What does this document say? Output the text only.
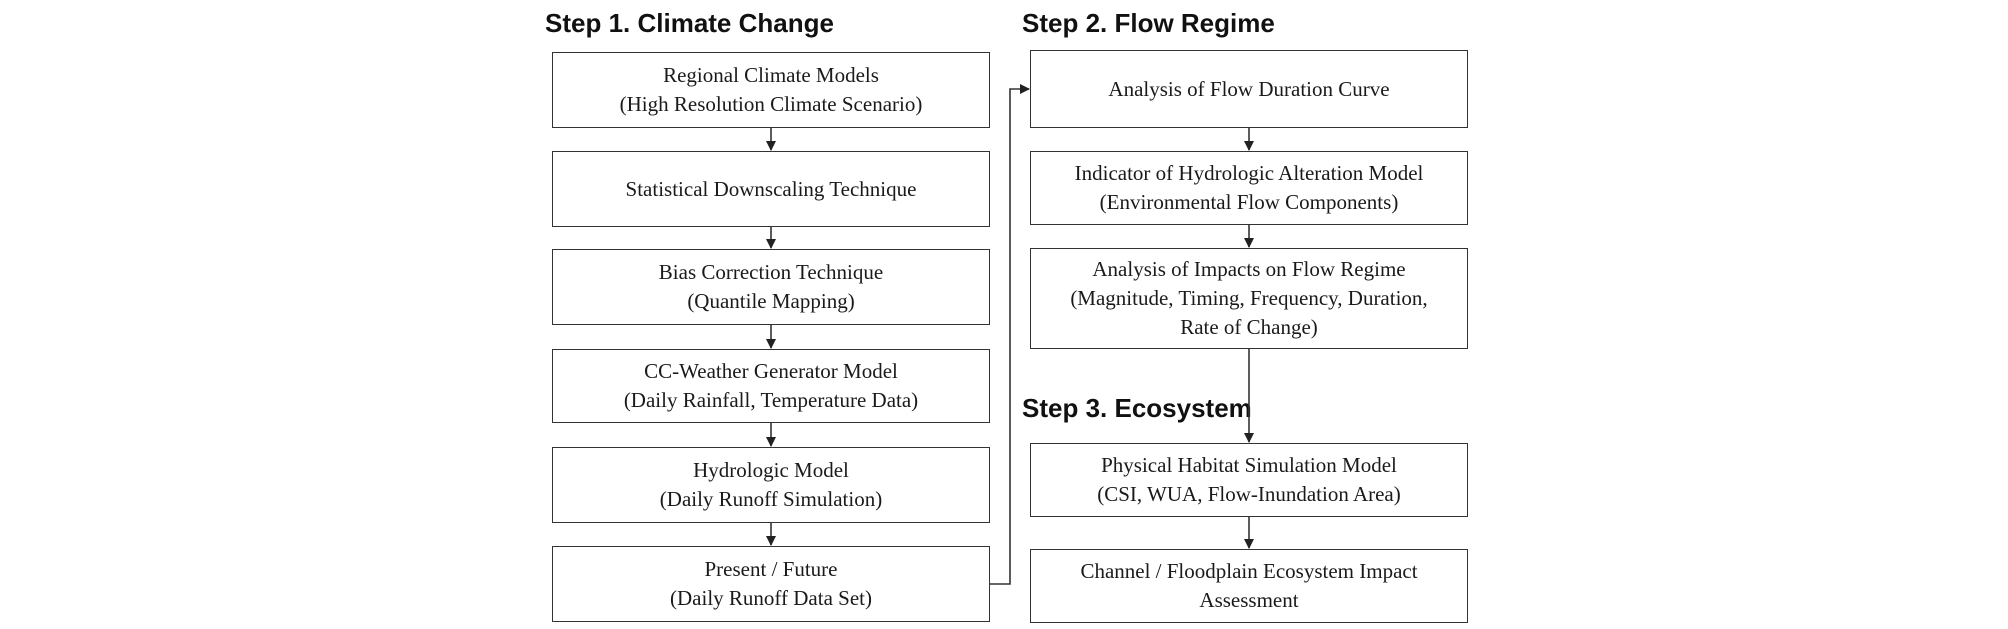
Step 1. Climate Change	Step 2. Flow Regime
Step 3. Ecosystem
Regional Climate Models
(High Resolution Climate Scenario)
Statistical Downscaling Technique
Bias Correction Technique
(Quantile Mapping)
CC-Weather Generator Model
(Daily Rainfall, Temperature Data)
Hydrologic Model
(Daily Runoff Simulation)
Present / Future
(Daily Runoff Data Set)
Analysis of Flow Duration Curve
Indicator of Hydrologic Alteration Model
(Environmental Flow Components)
Analysis of Impacts on Flow Regime
(Magnitude, Timing, Frequency, Duration,
Rate of Change)
Physical Habitat Simulation Model
(CSI, WUA, Flow-Inundation Area)
Channel / Floodplain Ecosystem Impact
Assessment
